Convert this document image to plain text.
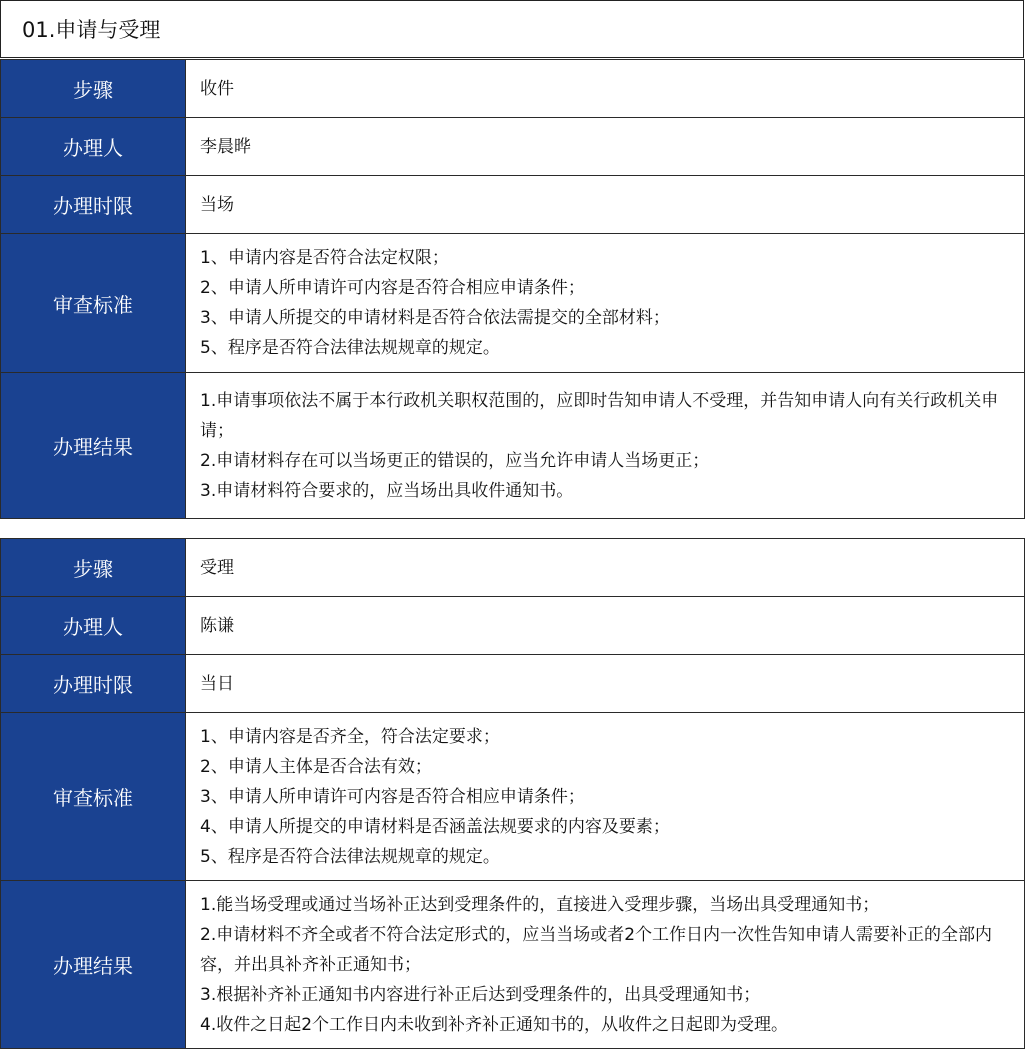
01.申请与受理
步骤	收件
办理人	李晨晔
办理时限	当场
审查标准	1、申请内容是否符合法定权限；

2、申请人所申请许可内容是否符合相应申请条件；

3、申请人所提交的申请材料是否符合依法需提交的全部材料；

5、程序是否符合法律法规规章的规定。

办理结果	1.申请事项依法不属于本行政机关职权范围的，应即时告知申请人不受理，并告知申请人向有关行政机关申请；

2.申请材料存在可以当场更正的错误的，应当允许申请人当场更正；

3.申请材料符合要求的，应当场出具收件通知书。

步骤	受理
办理人	陈谦
办理时限	当日
审查标准	1、申请内容是否齐全，符合法定要求；

2、申请人主体是否合法有效；

3、申请人所申请许可内容是否符合相应申请条件；

4、申请人所提交的申请材料是否涵盖法规要求的内容及要素；

5、程序是否符合法律法规规章的规定。

办理结果	1.能当场受理或通过当场补正达到受理条件的，直接进入受理步骤，当场出具受理通知书；

2.申请材料不齐全或者不符合法定形式的，应当当场或者2个工作日内一次性告知申请人需要补正的全部内容，并出具补齐补正通知书；

3.根据补齐补正通知书内容进行补正后达到受理条件的，出具受理通知书；

4.收件之日起2个工作日内未收到补齐补正通知书的，从收件之日起即为受理。
